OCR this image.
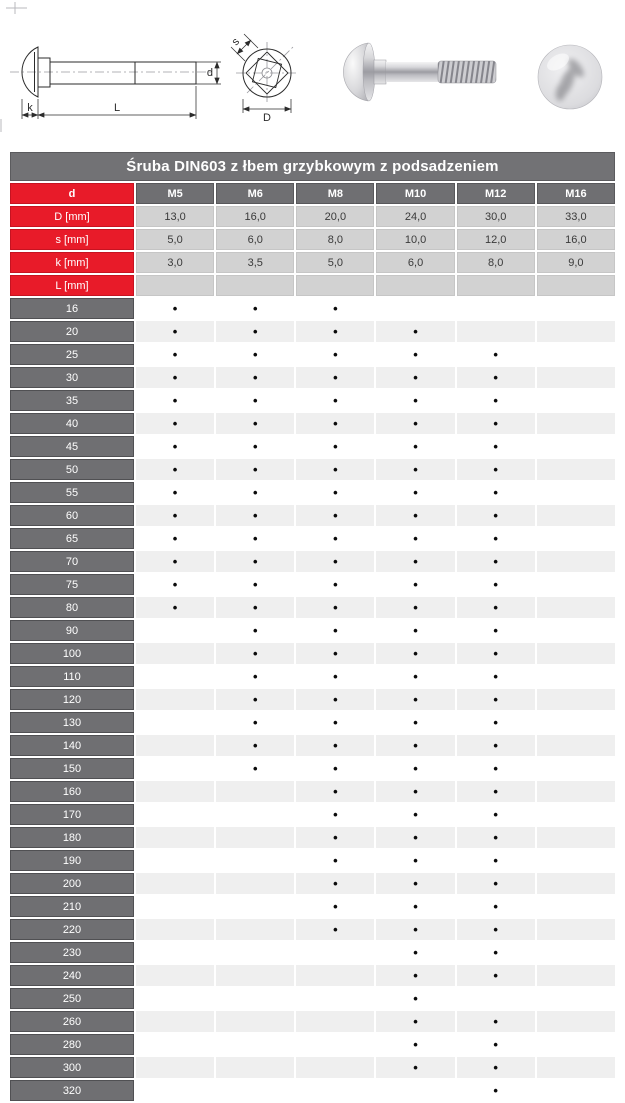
d
k	L
s
D
Śruba DIN603 z łbem grzybkowym z podsadzeniem						
d	M5	M6	M8	M10	M12	M16
D [mm]	13,0	16,0	20,0	24,0	30,0	33,0
s [mm]	5,0	6,0	8,0	10,0	12,0	16,0
k [mm]	3,0	3,5	5,0	6,0	8,0	9,0
L [mm]						
16	•	•	•			
20	•	•	•	•		
25	•	•	•	•	•	
30	•	•	•	•	•	
35	•	•	•	•	•	
40	•	•	•	•	•	
45	•	•	•	•	•	
50	•	•	•	•	•	
55	•	•	•	•	•	
60	•	•	•	•	•	
65	•	•	•	•	•	
70	•	•	•	•	•	
75	•	•	•	•	•	
80	•	•	•	•	•	
90		•	•	•	•	
100		•	•	•	•	
110		•	•	•	•	
120		•	•	•	•	
130		•	•	•	•	
140		•	•	•	•	
150		•	•	•	•	
160			•	•	•	
170			•	•	•	
180			•	•	•	
190			•	•	•	
200			•	•	•	
210			•	•	•	
220			•	•	•	
230				•	•	
240				•	•	
250				•		
260				•	•	
280				•	•	
300				•	•	
320					•	
